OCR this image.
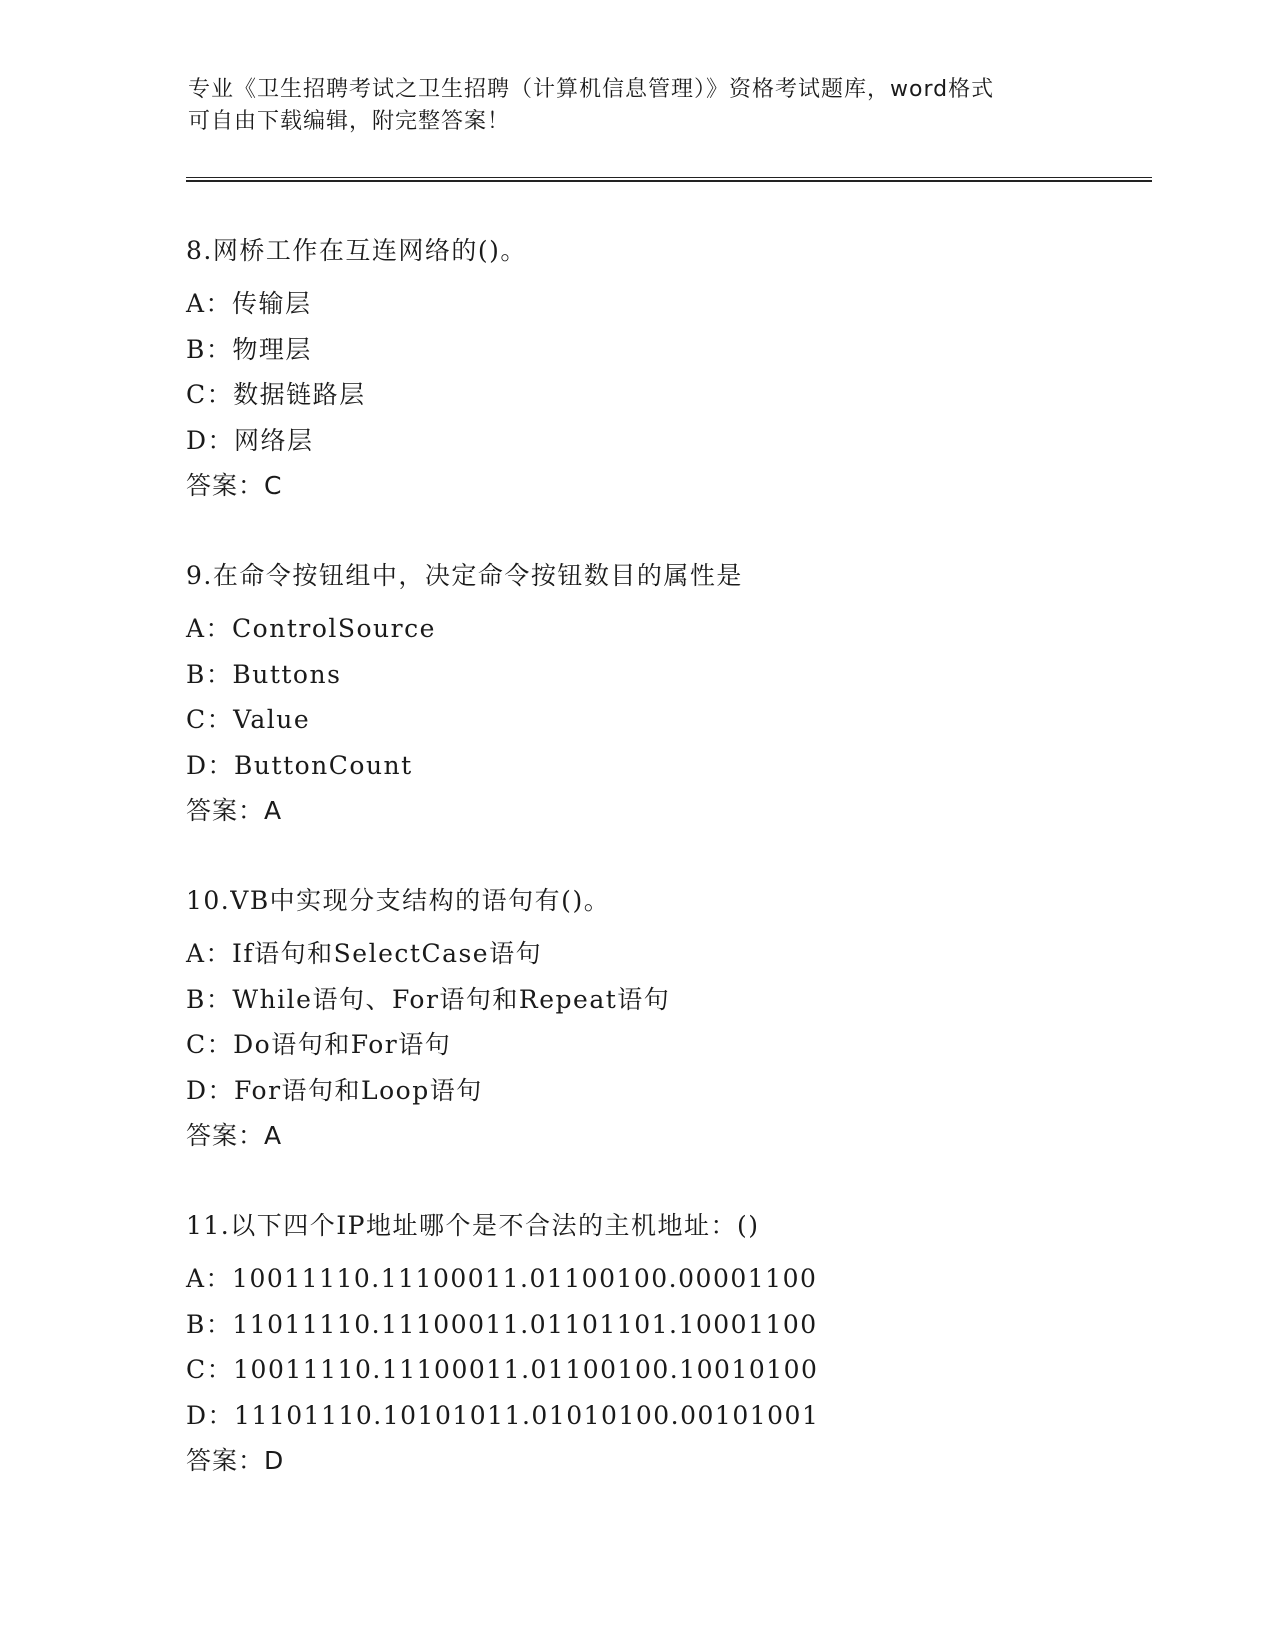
专业《卫生招聘考试之卫生招聘（计算机信息管理）》资格考试题库，word格式
可自由下载编辑，附完整答案！
8.网桥工作在互连网络的()。
A：传输层
B：物理层
C：数据链路层
D：网络层
答案：C
9.在命令按钮组中，决定命令按钮数目的属性是
A：ControlSource
B：Buttons
C：Value
D：ButtonCount
答案：A
10.VB中实现分支结构的语句有()。
A：If语句和SelectCase语句
B：While语句、For语句和Repeat语句
C：Do语句和For语句
D：For语句和Loop语句
答案：A
11.以下四个IP地址哪个是不合法的主机地址：()
A：10011110.11100011.01100100.00001100
B：11011110.11100011.01101101.10001100
C：10011110.11100011.01100100.10010100
D：11101110.10101011.01010100.00101001
答案：D
